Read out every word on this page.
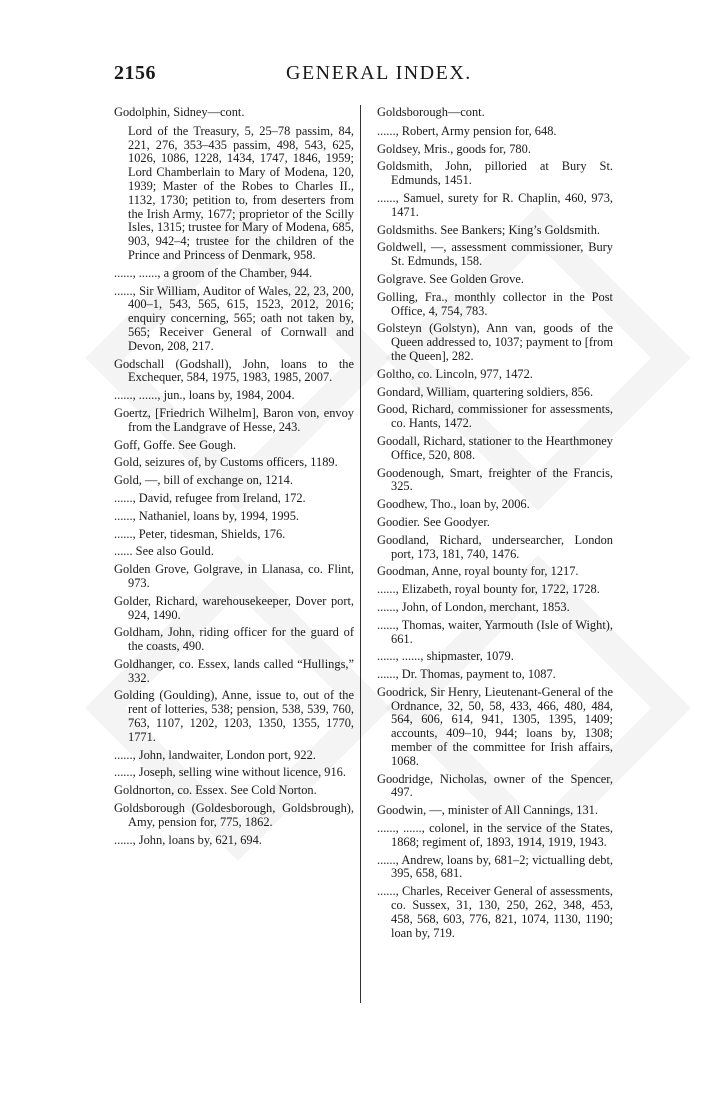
2156	GENERAL INDEX.
Godolphin, Sidney—cont.
Lord of the Treasury, 5, 25–78 passim, 84, 221, 276, 353–435 passim, 498, 543, 625, 1026, 1086, 1228, 1434, 1747, 1846, 1959; Lord Chamberlain to Mary of Modena, 120, 1939; Master of the Robes to Charles II., 1132, 1730; petition to, from deserters from the Irish Army, 1677; proprietor of the Scilly Isles, 1315; trustee for Mary of Modena, 685, 903, 942–4; trustee for the children of the Prince and Princess of Denmark, 958.
......, ......, a groom of the Chamber, 944.
......, Sir William, Auditor of Wales, 22, 23, 200, 400–1, 543, 565, 615, 1523, 2012, 2016; enquiry concerning, 565; oath not taken by, 565; Receiver General of Cornwall and Devon, 208, 217.
Godschall (Godshall), John, loans to the Exchequer, 584, 1975, 1983, 1985, 2007.
......, ......, jun., loans by, 1984, 2004.
Goertz, [Friedrich Wilhelm], Baron von, envoy from the Landgrave of Hesse, 243.
Goff, Goffe. See Gough.
Gold, seizures of, by Customs officers, 1189.
Gold, —, bill of exchange on, 1214.
......, David, refugee from Ireland, 172.
......, Nathaniel, loans by, 1994, 1995.
......, Peter, tidesman, Shields, 176.
...... See also Gould.
Golden Grove, Golgrave, in Llanasa, co. Flint, 973.
Golder, Richard, warehousekeeper, Dover port, 924, 1490.
Goldham, John, riding officer for the guard of the coasts, 490.
Goldhanger, co. Essex, lands called “Hullings,” 332.
Golding (Goulding), Anne, issue to, out of the rent of lotteries, 538; pension, 538, 539, 760, 763, 1107, 1202, 1203, 1350, 1355, 1770, 1771.
......, John, landwaiter, London port, 922.
......, Joseph, selling wine without licence, 916.
Goldnorton, co. Essex. See Cold Norton.
Goldsborough (Goldesborough, Goldsbrough), Amy, pension for, 775, 1862.
......, John, loans by, 621, 694.
Goldsborough—cont.
......, Robert, Army pension for, 648.
Goldsey, Mris., goods for, 780.
Goldsmith, John, pilloried at Bury St. Edmunds, 1451.
......, Samuel, surety for R. Chaplin, 460, 973, 1471.
Goldsmiths. See Bankers; King’s Goldsmith.
Goldwell, —, assessment commissioner, Bury St. Edmunds, 158.
Golgrave. See Golden Grove.
Golling, Fra., monthly collector in the Post Office, 4, 754, 783.
Golsteyn (Golstyn), Ann van, goods of the Queen addressed to, 1037; payment to [from the Queen], 282.
Goltho, co. Lincoln, 977, 1472.
Gondard, William, quartering soldiers, 856.
Good, Richard, commissioner for assessments, co. Hants, 1472.
Goodall, Richard, stationer to the Hearthmoney Office, 520, 808.
Goodenough, Smart, freighter of the Francis, 325.
Goodhew, Tho., loan by, 2006.
Goodier. See Goodyer.
Goodland, Richard, undersearcher, London port, 173, 181, 740, 1476.
Goodman, Anne, royal bounty for, 1217.
......, Elizabeth, royal bounty for, 1722, 1728.
......, John, of London, merchant, 1853.
......, Thomas, waiter, Yarmouth (Isle of Wight), 661.
......, ......, shipmaster, 1079.
......, Dr. Thomas, payment to, 1087.
Goodrick, Sir Henry, Lieutenant-General of the Ordnance, 32, 50, 58, 433, 466, 480, 484, 564, 606, 614, 941, 1305, 1395, 1409; accounts, 409–10, 944; loans by, 1308; member of the committee for Irish affairs, 1068.
Goodridge, Nicholas, owner of the Spencer, 497.
Goodwin, —, minister of All Cannings, 131.
......, ......, colonel, in the service of the States, 1868; regiment of, 1893, 1914, 1919, 1943.
......, Andrew, loans by, 681–2; victualling debt, 395, 658, 681.
......, Charles, Receiver General of assessments, co. Sussex, 31, 130, 250, 262, 348, 453, 458, 568, 603, 776, 821, 1074, 1130, 1190; loan by, 719.
